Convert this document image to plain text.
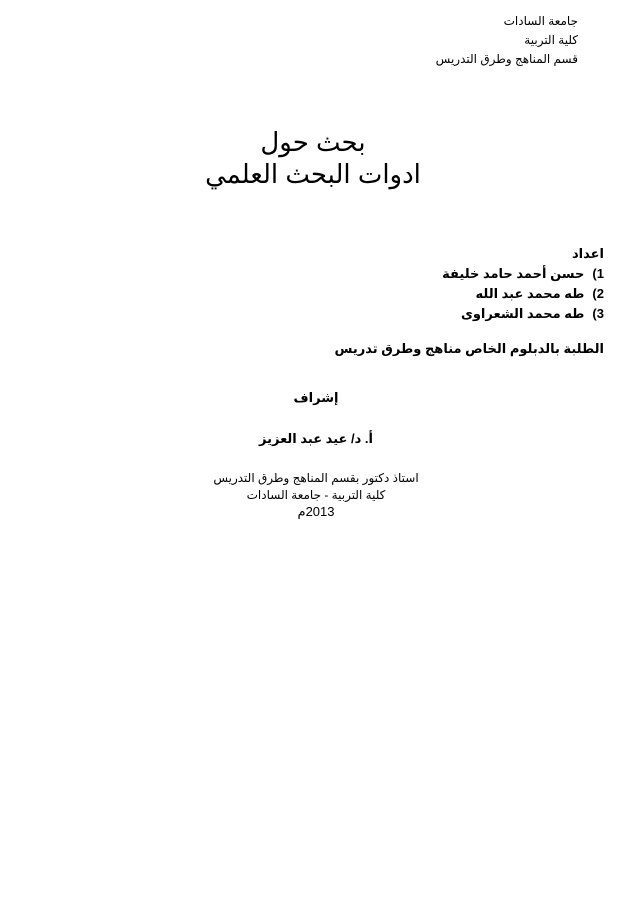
جامعة السادات
كلية التربية
قسم المناهج وطرق التدريس
بحث حول
ادوات البحث العلمي
اعداد
1) حسن أحمد حامد خليفة
2) طه محمد عبد الله
3) طه محمد الشعراوى
الطلبة بالدبلوم الخاص مناهج وطرق تدريس
إشراف
أ. د/ عيد عبد العزيز
استاذ دكتور بقسم المناهج وطرق التدريس
كلية التربية - جامعة السادات
2013م
